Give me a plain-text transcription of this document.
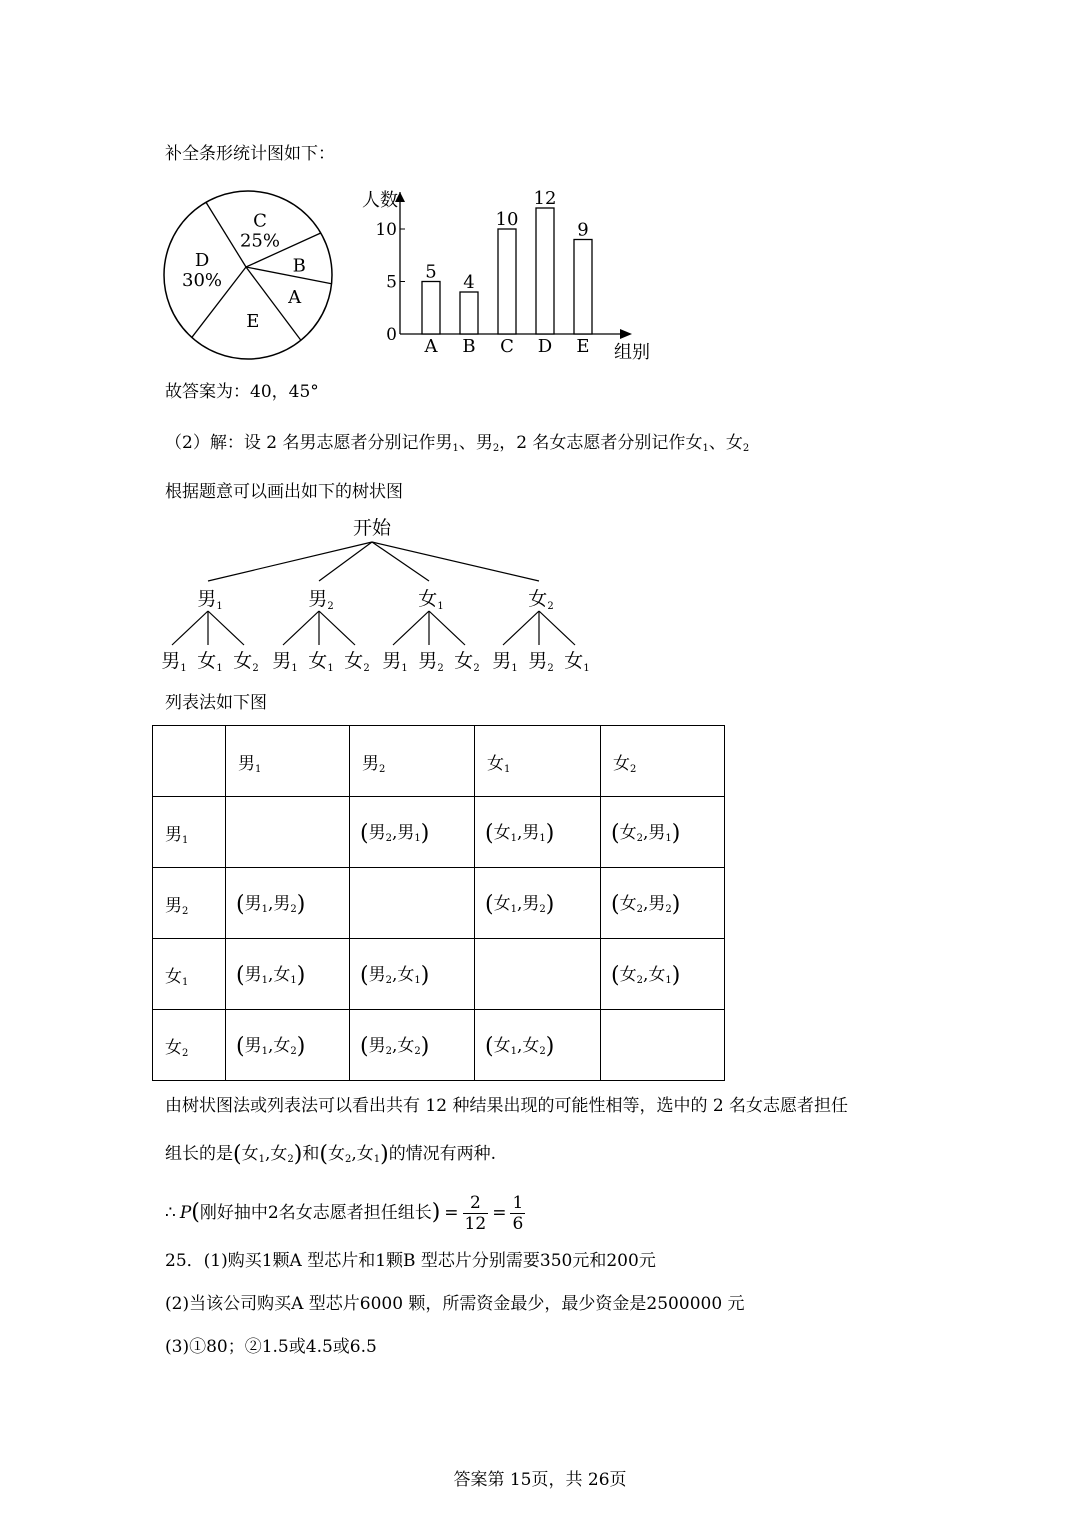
补全条形统计图如下：
C
25%
B
A
E
D
30%
人数
组别
0
5
10
5
A
4
B
10
C
12
D
9
E
故答案为：40，45°
（2）解：设 2 名男志愿者分别记作男$_1$、男$_2$，2 名女志愿者分别记作女$_1$、女$_2$
根据题意可以画出如下的树状图
开始
男$_1$
男$_1$ 女$_1$ 女$_2$
男$_2$
男$_1$ 女$_1$ 女$_2$
女$_1$
男$_1$ 男$_2$ 女$_2$
女$_2$
男$_1$ 男$_2$ 女$_1$
列表法如下图
	男$_1$	男$_2$	女$_1$	女$_2$
男$_1$		(男$_2$,男$_1$)	(女$_1$,男$_1$)	(女$_2$,男$_1$)
男$_2$	(男$_1$,男$_2$)		(女$_1$,男$_2$)	(女$_2$,男$_2$)
女$_1$	(男$_1$,女$_1$)	(男$_2$,女$_1$)		(女$_2$,女$_1$)
女$_2$	(男$_1$,女$_2$)	(男$_2$,女$_2$)	(女$_1$,女$_2$)	
由树状图法或列表法可以看出共有 12 种结果出现的可能性相等，选中的 2 名女志愿者担任
组长的是(女$_1$,女$_2$)和(女$_2$,女$_1$)的情况有两种.
∴ P ( 刚好抽中2名女志愿者担任组长 ) = $\frac{2}{12} = \frac{1}{6}$
25．(1)购买1颗A 型芯片和1颗B 型芯片分别需要350元和200元
(2)当该公司购买A 型芯片6000 颗，所需资金最少，最少资金是2500000 元
(3)①80；②1.5或4.5或6.5
答案第 15页，共 26页
